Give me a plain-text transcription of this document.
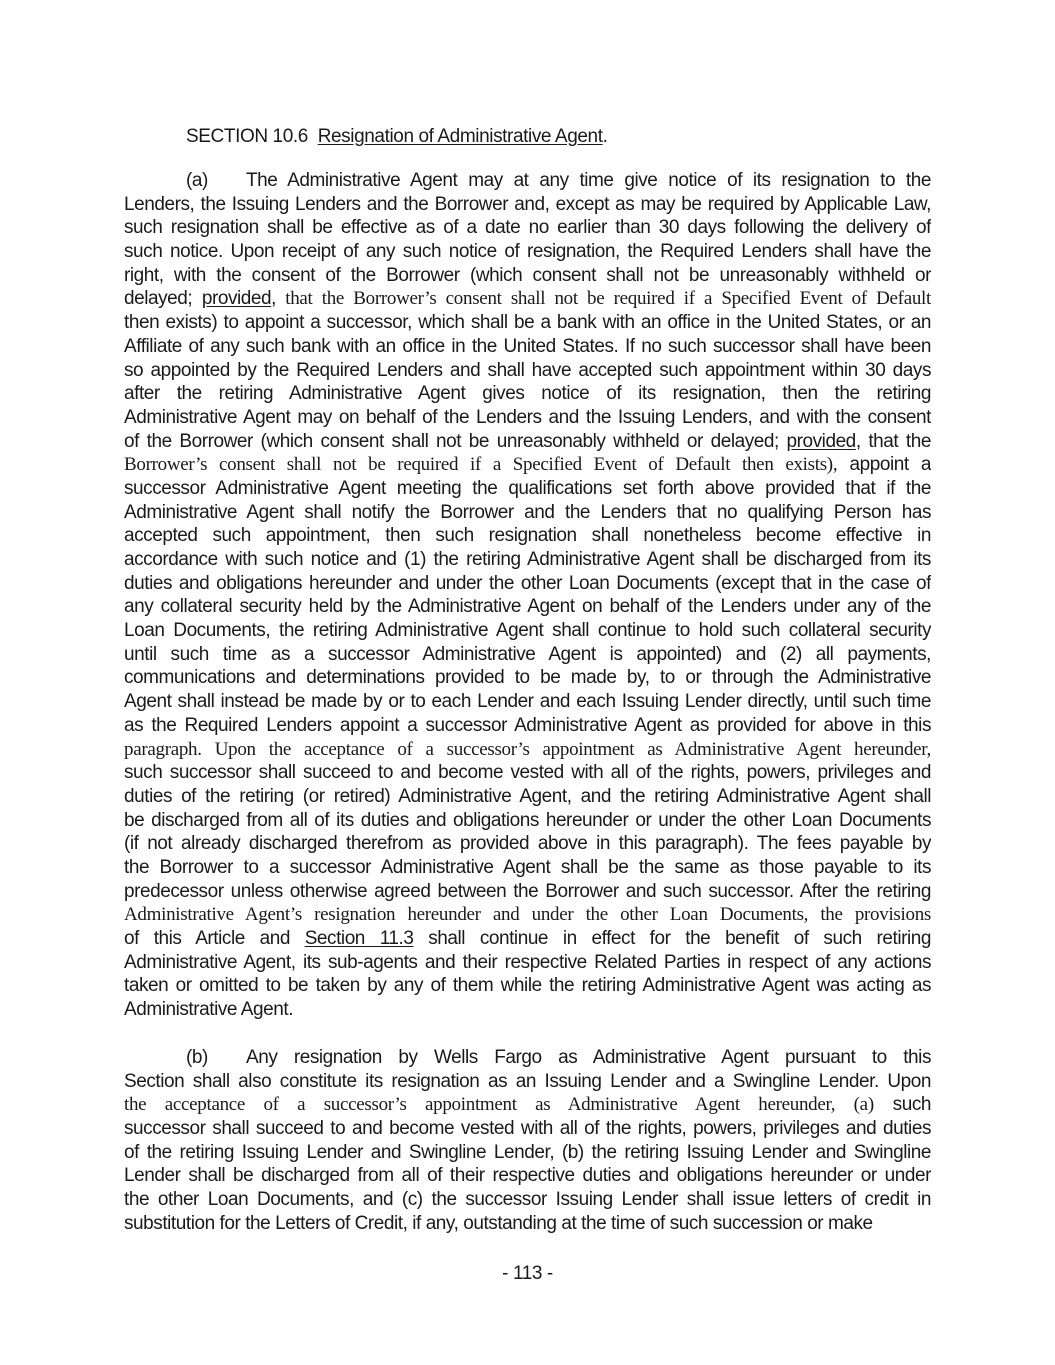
SECTION 10.6 Resignation of Administrative Agent.
(a) The Administrative Agent may at any time give notice of its resignation to the
Lenders, the Issuing Lenders and the Borrower and, except as may be required by Applicable Law,
such resignation shall be effective as of a date no earlier than 30 days following the delivery of
such notice. Upon receipt of any such notice of resignation, the Required Lenders shall have the
right, with the consent of the Borrower (which consent shall not be unreasonably withheld or
delayed; provided, that the Borrower’s consent shall not be required if a Specified Event of Default
then exists) to appoint a successor, which shall be a bank with an office in the United States, or an
Affiliate of any such bank with an office in the United States. If no such successor shall have been
so appointed by the Required Lenders and shall have accepted such appointment within 30 days
after the retiring Administrative Agent gives notice of its resignation, then the retiring
Administrative Agent may on behalf of the Lenders and the Issuing Lenders, and with the consent
of the Borrower (which consent shall not be unreasonably withheld or delayed; provided, that the
Borrower’s consent shall not be required if a Specified Event of Default then exists), appoint a
successor Administrative Agent meeting the qualifications set forth above provided that if the
Administrative Agent shall notify the Borrower and the Lenders that no qualifying Person has
accepted such appointment, then such resignation shall nonetheless become effective in
accordance with such notice and (1) the retiring Administrative Agent shall be discharged from its
duties and obligations hereunder and under the other Loan Documents (except that in the case of
any collateral security held by the Administrative Agent on behalf of the Lenders under any of the
Loan Documents, the retiring Administrative Agent shall continue to hold such collateral security
until such time as a successor Administrative Agent is appointed) and (2) all payments,
communications and determinations provided to be made by, to or through the Administrative
Agent shall instead be made by or to each Lender and each Issuing Lender directly, until such time
as the Required Lenders appoint a successor Administrative Agent as provided for above in this
paragraph. Upon the acceptance of a successor’s appointment as Administrative Agent hereunder,
such successor shall succeed to and become vested with all of the rights, powers, privileges and
duties of the retiring (or retired) Administrative Agent, and the retiring Administrative Agent shall
be discharged from all of its duties and obligations hereunder or under the other Loan Documents
(if not already discharged therefrom as provided above in this paragraph). The fees payable by
the Borrower to a successor Administrative Agent shall be the same as those payable to its
predecessor unless otherwise agreed between the Borrower and such successor. After the retiring
Administrative Agent’s resignation hereunder and under the other Loan Documents, the provisions
of this Article and Section 11.3 shall continue in effect for the benefit of such retiring
Administrative Agent, its sub-agents and their respective Related Parties in respect of any actions
taken or omitted to be taken by any of them while the retiring Administrative Agent was acting as
Administrative Agent.
(b) Any resignation by Wells Fargo as Administrative Agent pursuant to this
Section shall also constitute its resignation as an Issuing Lender and a Swingline Lender. Upon
the acceptance of a successor’s appointment as Administrative Agent hereunder, (a) such
successor shall succeed to and become vested with all of the rights, powers, privileges and duties
of the retiring Issuing Lender and Swingline Lender, (b) the retiring Issuing Lender and Swingline
Lender shall be discharged from all of their respective duties and obligations hereunder or under
the other Loan Documents, and (c) the successor Issuing Lender shall issue letters of credit in
substitution for the Letters of Credit, if any, outstanding at the time of such succession or make
- 113 -
